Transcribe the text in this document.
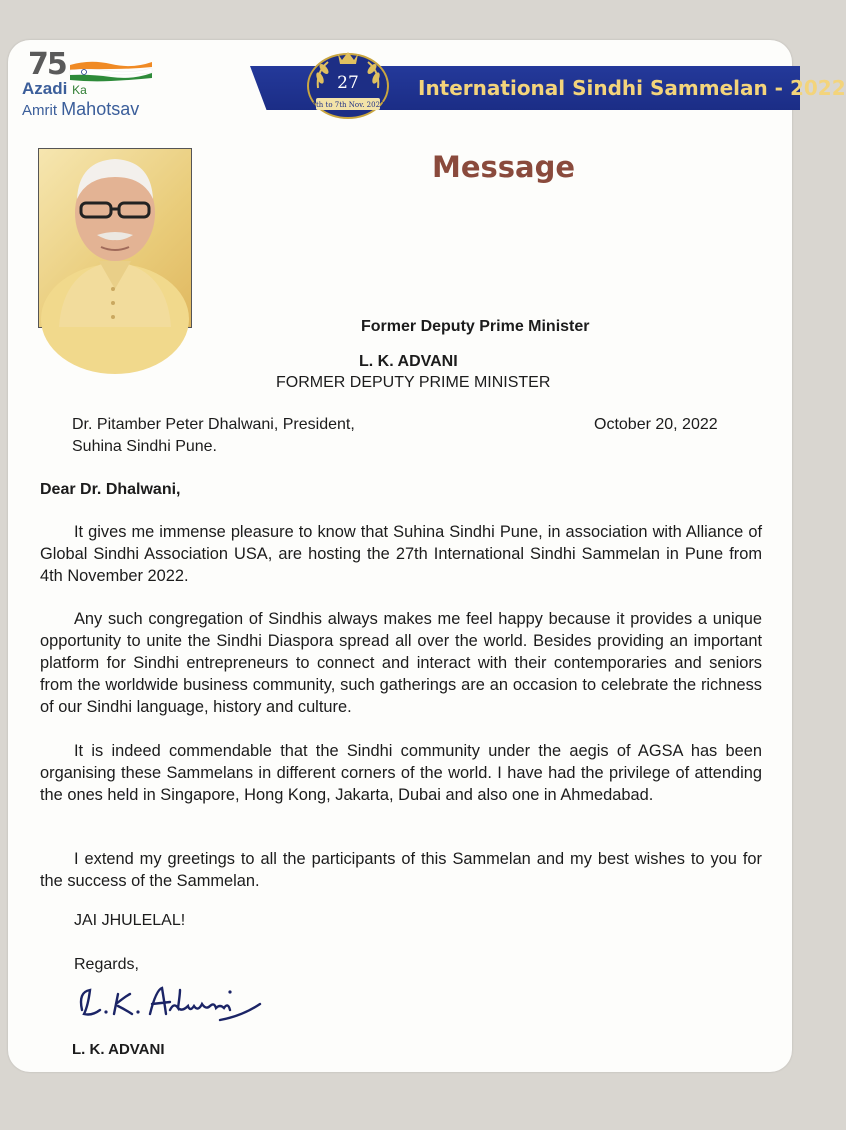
75
Azadi Ka
Amrit Mahotsav
International Sindhi Sammelan - 2022
27
4th to 7th Nov. 2022
Message
Former Deputy Prime Minister
L. K. ADVANI
FORMER DEPUTY PRIME MINISTER
Dr. Pitamber Peter Dhalwani, President,
Suhina Sindhi Pune.
October 20, 2022
Dear Dr. Dhalwani,

It gives me immense pleasure to know that Suhina Sindhi Pune, in association with Alliance of Global Sindhi Association USA, are hosting the 27th International Sindhi Sammelan in Pune from 4th November 2022.

Any such congregation of Sindhis always makes me feel happy because it provides a unique opportunity to unite the Sindhi Diaspora spread all over the world. Besides providing an important platform for Sindhi entrepreneurs to connect and interact with their contemporaries and seniors from the worldwide business community, such gatherings are an occasion to celebrate the richness of our Sindhi language, history and culture.

It is indeed commendable that the Sindhi community under the aegis of AGSA has been organising these Sammelans in different corners of the world. I have had the privilege of attending the ones held in Singapore, Hong Kong, Jakarta, Dubai and also one in Ahmedabad.

I extend my greetings to all the participants of this Sammelan and my best wishes to you for the success of the Sammelan.

JAI JHULELAL!
Regards,
L. K. ADVANI
